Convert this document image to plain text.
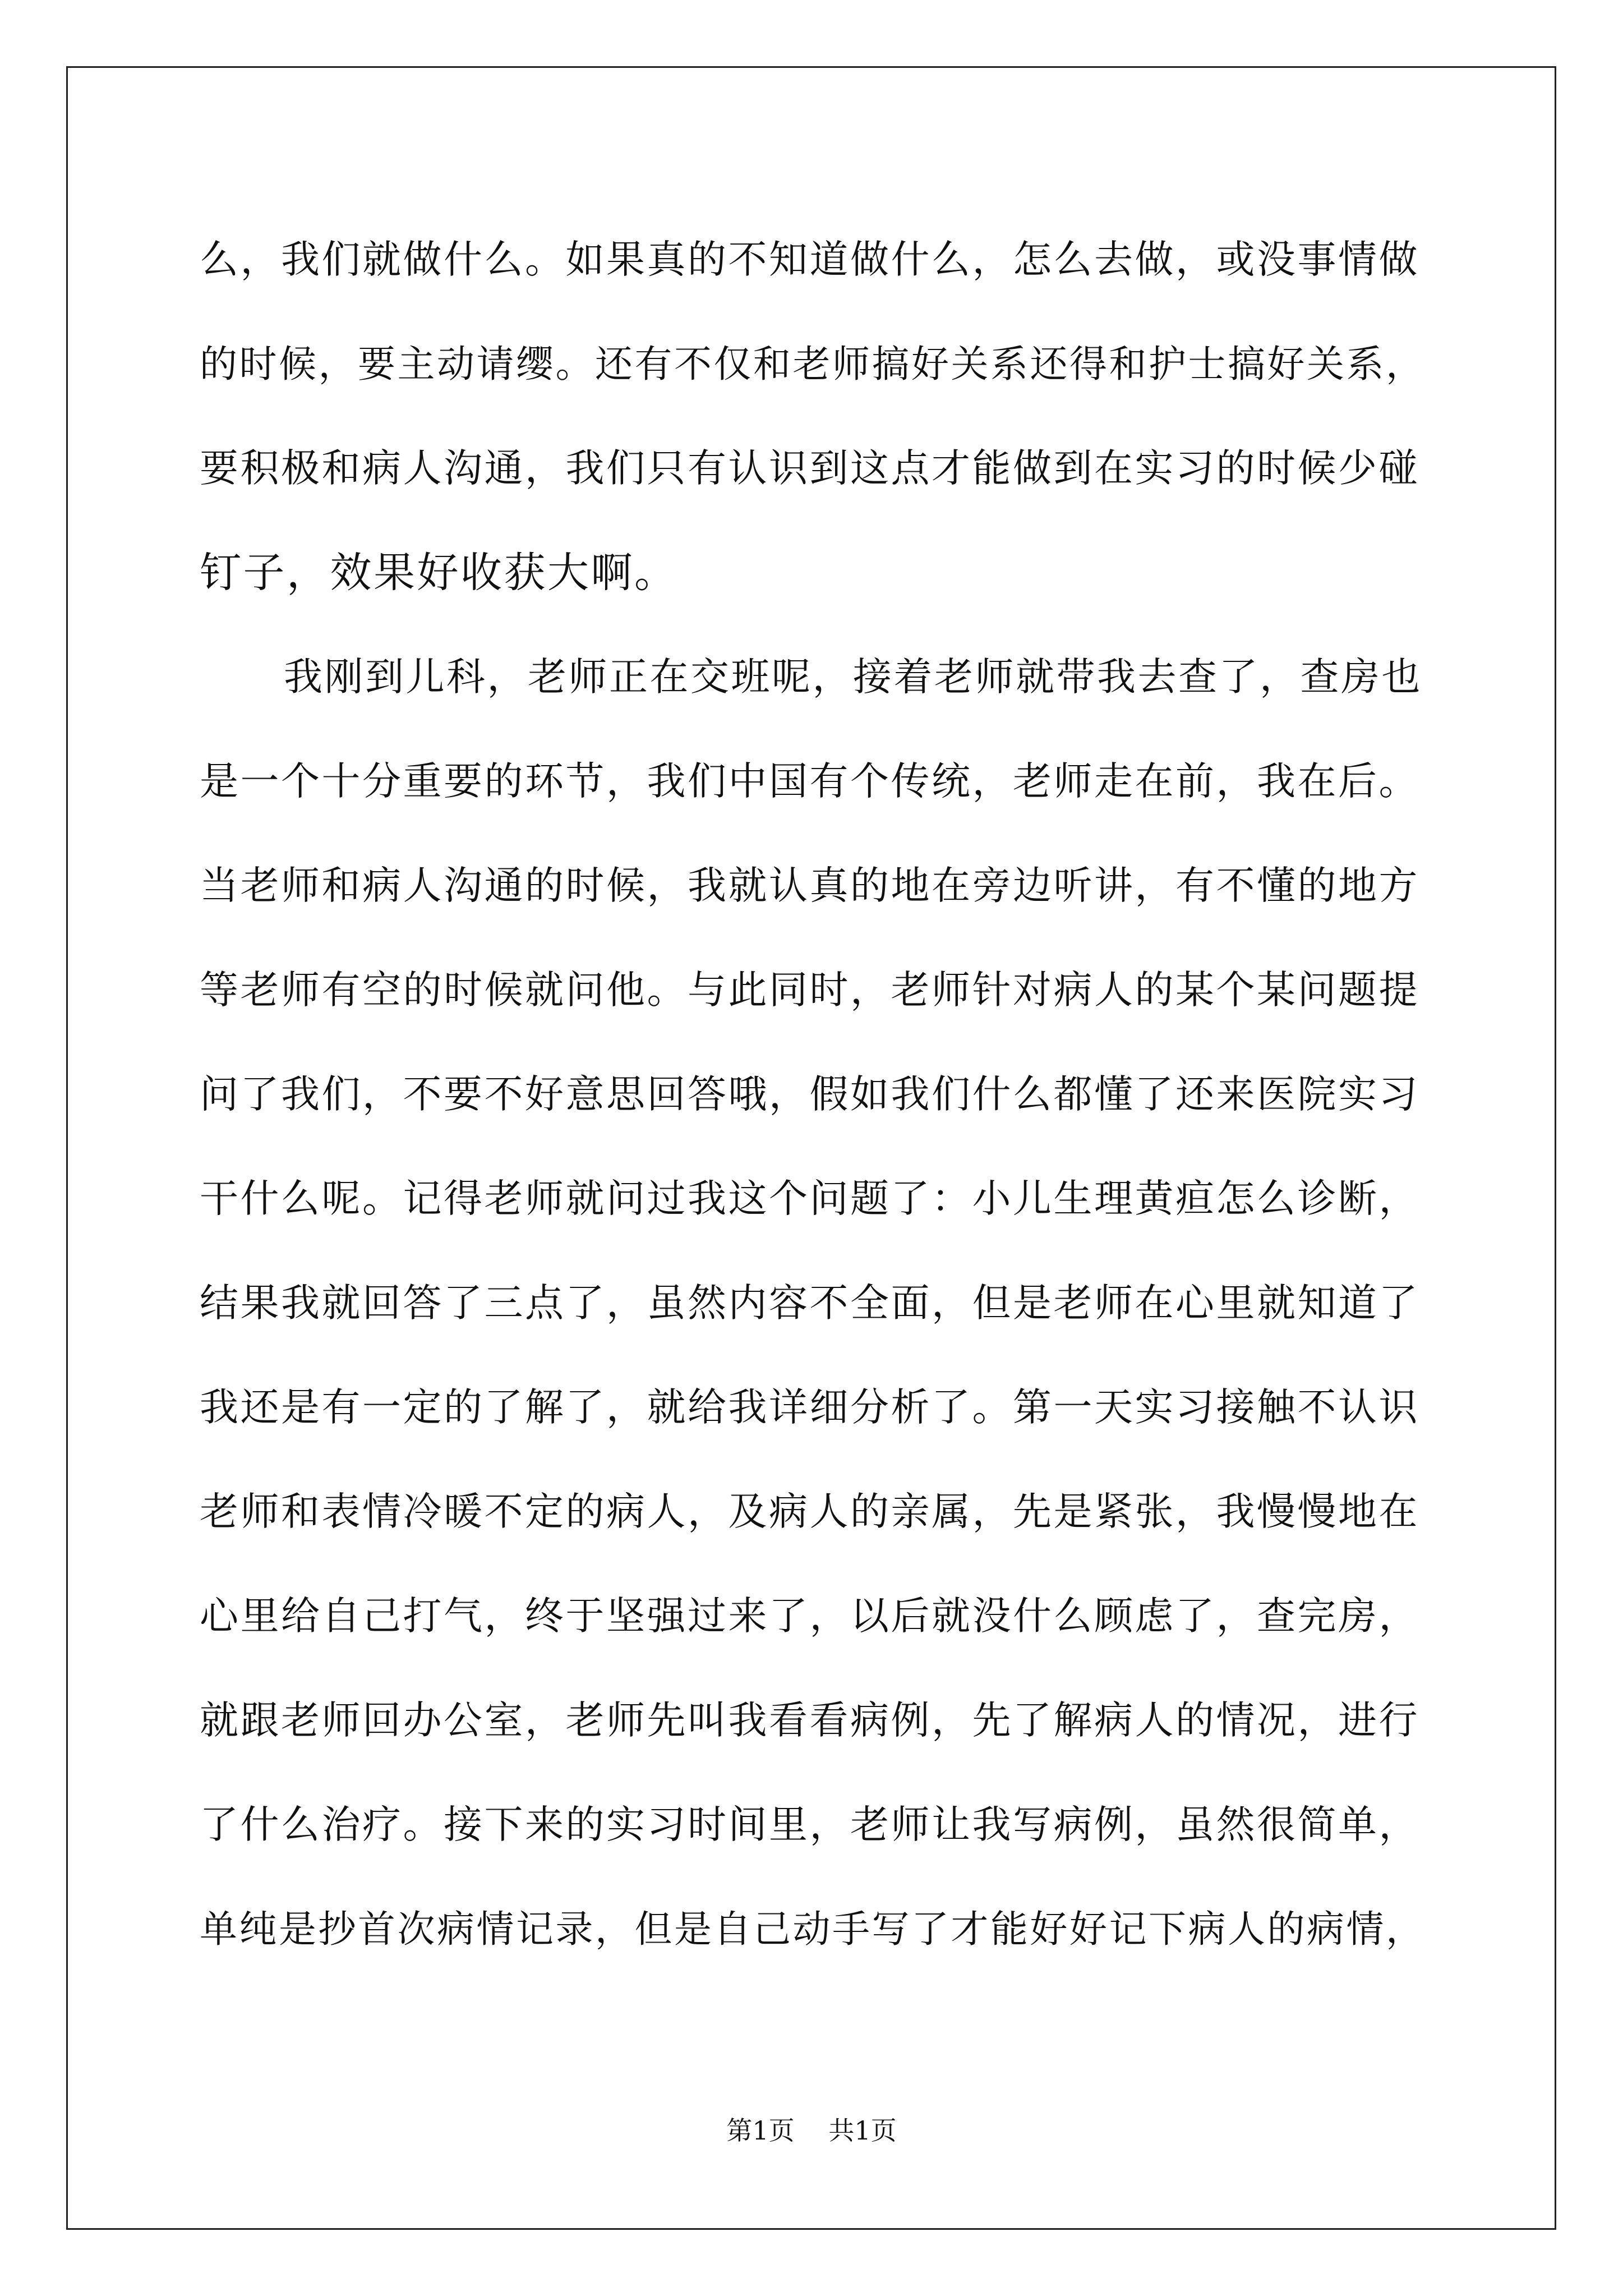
么，我们就做什么。如果真的不知道做什么，怎么去做，或没事情做
的时候，要主动请缨。还有不仅和老师搞好关系还得和护士搞好关系，
要积极和病人沟通，我们只有认识到这点才能做到在实习的时候少碰
钉子，效果好收获大啊。
我刚到儿科，老师正在交班呢，接着老师就带我去查了，查房也
是一个十分重要的环节，我们中国有个传统，老师走在前，我在后。
当老师和病人沟通的时候，我就认真的地在旁边听讲，有不懂的地方
等老师有空的时候就问他。与此同时，老师针对病人的某个某问题提
问了我们，不要不好意思回答哦，假如我们什么都懂了还来医院实习
干什么呢。记得老师就问过我这个问题了：小儿生理黄疸怎么诊断，
结果我就回答了三点了，虽然内容不全面，但是老师在心里就知道了
我还是有一定的了解了，就给我详细分析了。第一天实习接触不认识
老师和表情冷暖不定的病人，及病人的亲属，先是紧张，我慢慢地在
心里给自己打气，终于坚强过来了，以后就没什么顾虑了，查完房，
就跟老师回办公室，老师先叫我看看病例，先了解病人的情况，进行
了什么治疗。接下来的实习时间里，老师让我写病例，虽然很简单，
单纯是抄首次病情记录，但是自己动手写了才能好好记下病人的病情，
第1页 共1页
